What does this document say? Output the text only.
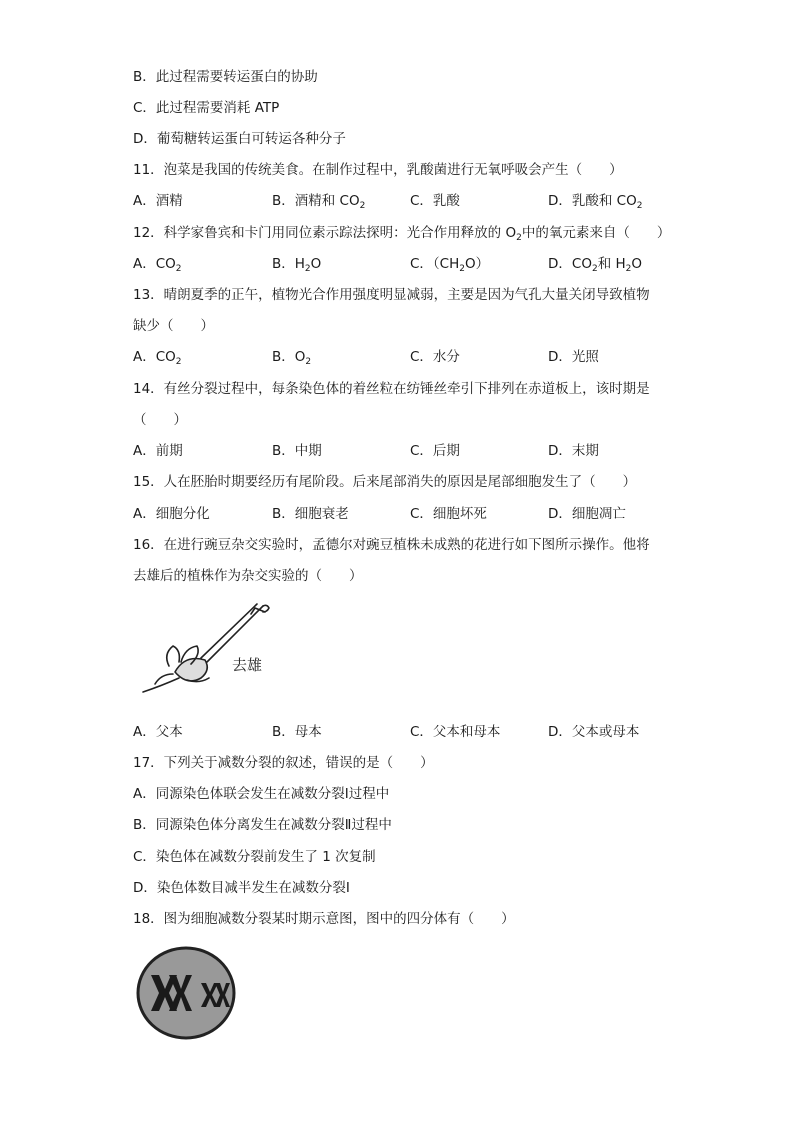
B．此过程需要转运蛋白的协助
C．此过程需要消耗 ATP
D．葡萄糖转运蛋白可转运各种分子
11．泡菜是我国的传统美食。在制作过程中，乳酸菌进行无氧呼吸会产生（　　）
12．科学家鲁宾和卡门用同位素示踪法探明：光合作用释放的 $O_2$中的氧元素来自（　　）
13．晴朗夏季的正午，植物光合作用强度明显减弱，主要是因为气孔大量关闭导致植物
缺少（　　）
14．有丝分裂过程中，每条染色体的着丝粒在纺锤丝牵引下排列在赤道板上，该时期是
（　　）
15．人在胚胎时期要经历有尾阶段。后来尾部消失的原因是尾部细胞发生了（　　）
16．在进行豌豆杂交实验时，孟德尔对豌豆植株未成熟的花进行如下图所示操作。他将
去雄后的植株作为杂交实验的（　　）
17．下列关于减数分裂的叙述，错误的是（　　）
A．同源染色体联会发生在减数分裂Ⅰ过程中
B．同源染色体分离发生在减数分裂Ⅱ过程中
C．染色体在减数分裂前发生了 1 次复制
D．染色体数目减半发生在减数分裂Ⅰ
18．图为细胞减数分裂某时期示意图，图中的四分体有（　　）
A．酒精	B．酒精和 $CO_2$	C．乳酸	D．乳酸和 $CO_2$
A．$CO_2$	B．$H_2O$	C．$(CH_2O)$	D．$CO_2$和 $H_2O$
A．$CO_2$	B．$O_2$	C．水分	D．光照
A．前期	B．中期	C．后期	D．末期
A．细胞分化	B．细胞衰老	C．细胞坏死	D．细胞凋亡
A．父本	B．母本	C．父本和母本	D．父本或母本
去雄
